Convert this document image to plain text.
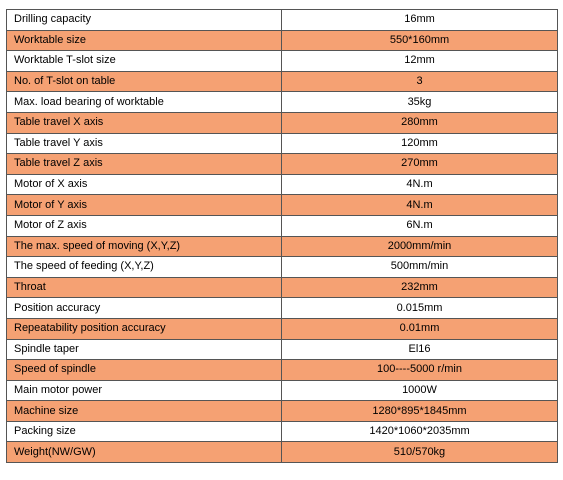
Drilling capacity	16mm
Worktable size	550*160mm
Worktable T-slot size	12mm
No. of T-slot on table	3
Max. load bearing of worktable	35kg
Table travel X axis	280mm
Table travel Y axis	120mm
Table travel Z axis	270mm
Motor of X axis	4N.m
Motor of Y axis	4N.m
Motor of Z axis	6N.m
The max. speed of moving (X,Y,Z)	2000mm/min
The speed of feeding (X,Y,Z)	500mm/min
Throat	232mm
Position accuracy	0.015mm
Repeatability position accuracy	0.01mm
Spindle taper	El16
Speed of spindle	100----5000 r/min
Main motor power	1000W
Machine size	1280*895*1845mm
Packing size	1420*1060*2035mm
Weight(NW/GW)	510/570kg
